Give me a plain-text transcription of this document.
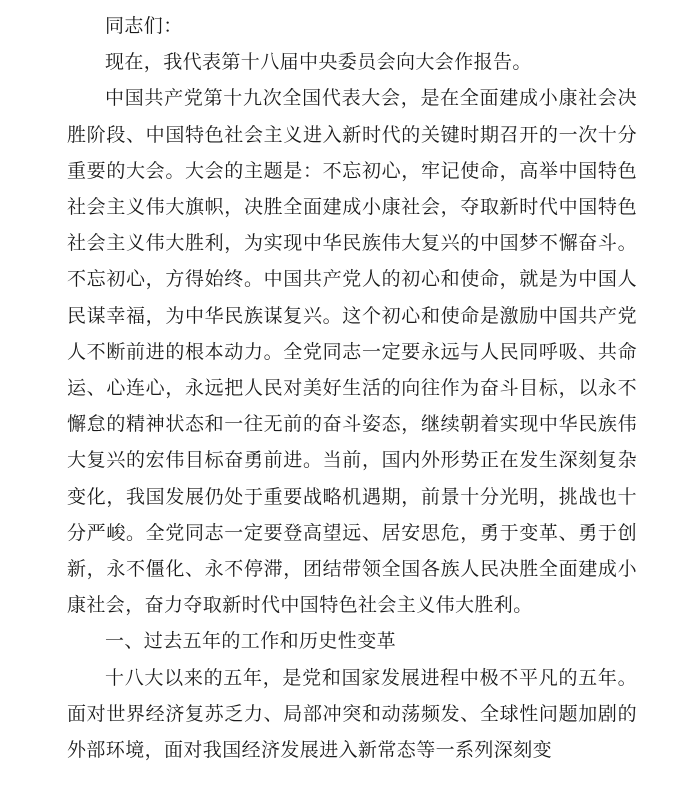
同志们：

现在，我代表第十八届中央委员会向大会作报告。

中国共产党第十九次全国代表大会，是在全面建成小康社会决胜阶段、中国特色社会主义进入新时代的关键时期召开的一次十分重要的大会。大会的主题是：不忘初心，牢记使命，高举中国特色社会主义伟大旗帜，决胜全面建成小康社会，夺取新时代中国特色社会主义伟大胜利，为实现中华民族伟大复兴的中国梦不懈奋斗。不忘初心，方得始终。中国共产党人的初心和使命，就是为中国人民谋幸福，为中华民族谋复兴。这个初心和使命是激励中国共产党人不断前进的根本动力。全党同志一定要永远与人民同呼吸、共命运、心连心，永远把人民对美好生活的向往作为奋斗目标，以永不懈怠的精神状态和一往无前的奋斗姿态，继续朝着实现中华民族伟大复兴的宏伟目标奋勇前进。当前，国内外形势正在发生深刻复杂变化，我国发展仍处于重要战略机遇期，前景十分光明，挑战也十分严峻。全党同志一定要登高望远、居安思危，勇于变革、勇于创新，永不僵化、永不停滞，团结带领全国各族人民决胜全面建成小康社会，奋力夺取新时代中国特色社会主义伟大胜利。

一、过去五年的工作和历史性变革

十八大以来的五年，是党和国家发展进程中极不平凡的五年。面对世界经济复苏乏力、局部冲突和动荡频发、全球性问题加剧的外部环境，面对我国经济发展进入新常态等一系列深刻变
